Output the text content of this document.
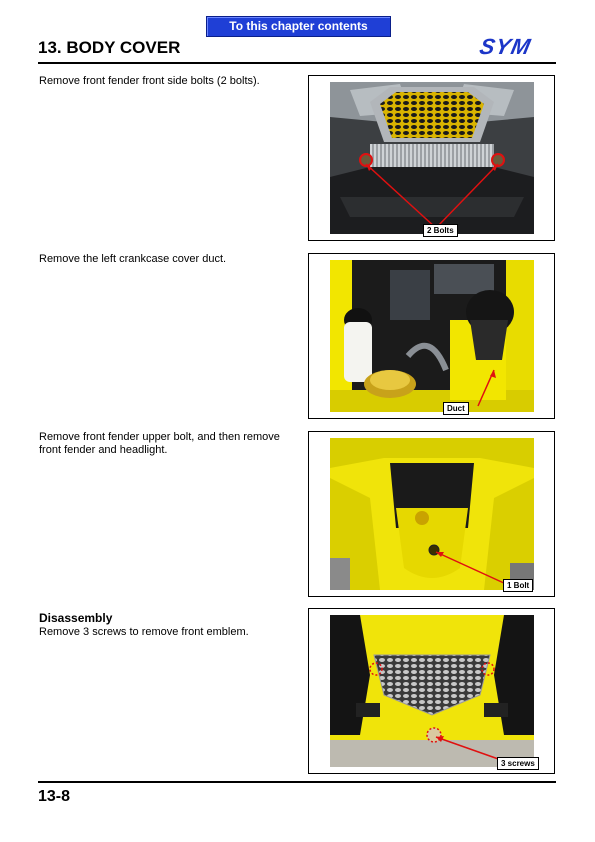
To this chapter contents
13. BODY COVER	SYM
Remove front fender front side bolts (2 bolts).
2 Bolts
Remove the left crankcase cover duct.
Duct
Remove front fender upper bolt, and then remove front fender and headlight.
1 Bolt
Disassembly
Remove 3 screws to remove front emblem.
3 screws
13-8
